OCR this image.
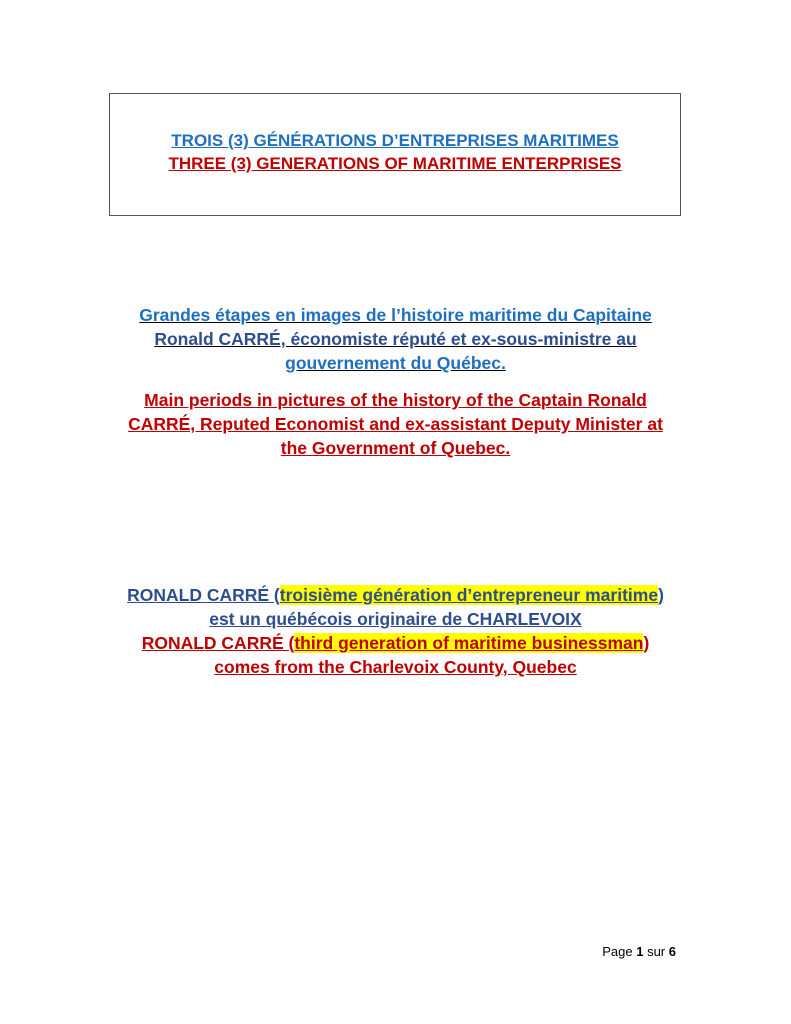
TROIS (3) GÉNÉRATIONS D’ENTREPRISES MARITIMES
THREE (3) GENERATIONS OF MARITIME ENTERPRISES
Grandes étapes en images de l’histoire maritime du Capitaine
Ronald CARRÉ, économiste réputé et ex-sous-ministre au
gouvernement du Québec.
Main periods in pictures of the history of the Captain Ronald
CARRÉ, Reputed Economist and ex-assistant Deputy Minister at
the Government of Quebec.
RONALD CARRÉ (troisième génération d’entrepreneur maritime)
est un québécois originaire de CHARLEVOIX
RONALD CARRÉ (third generation of maritime businessman)
comes from the Charlevoix County, Quebec
Page 1 sur 6
